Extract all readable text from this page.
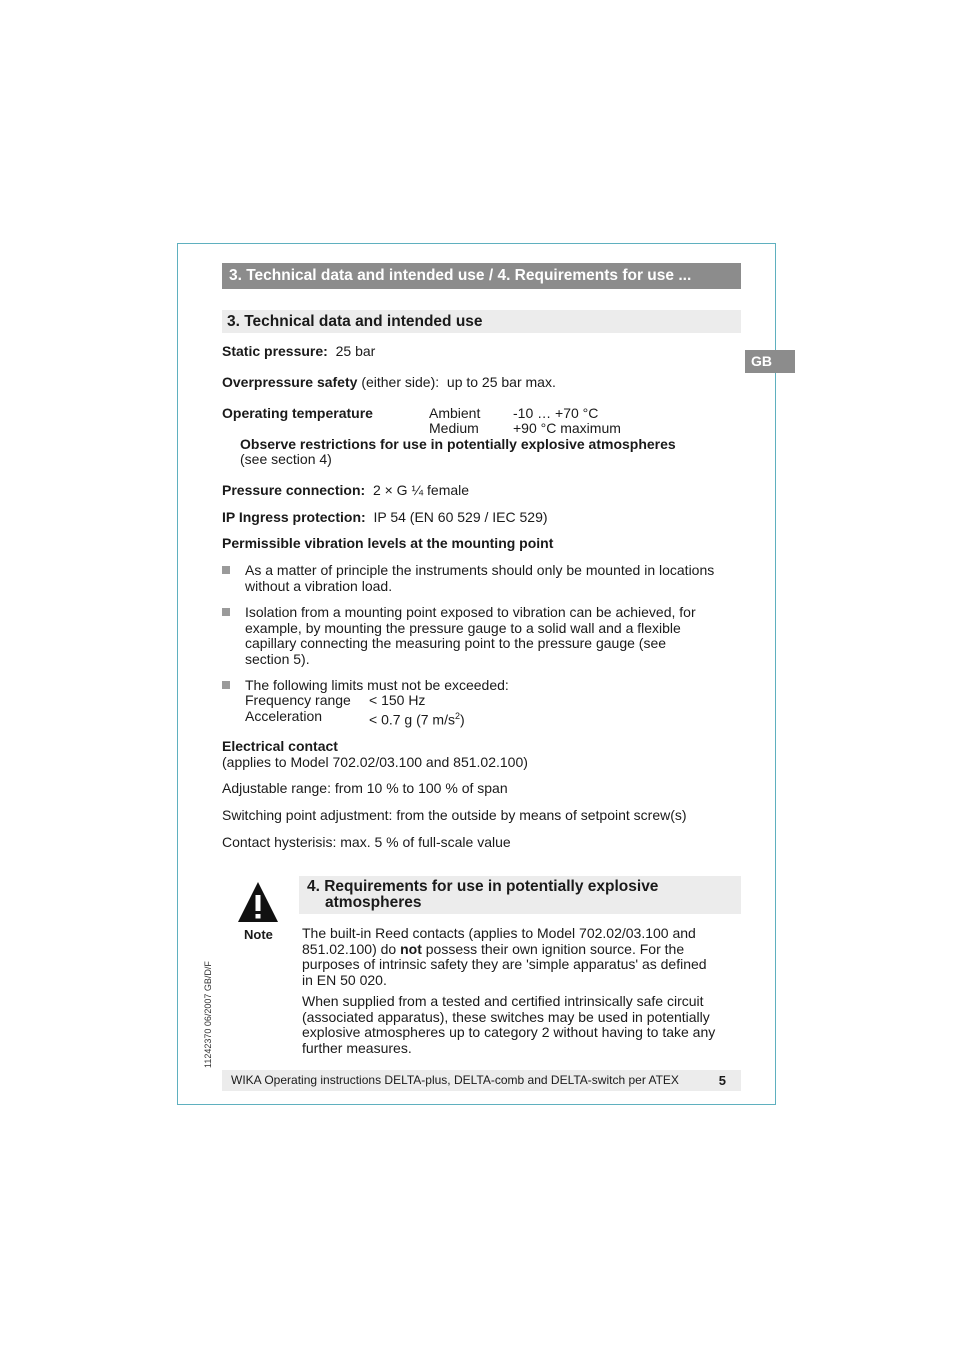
3. Technical data and intended use / 4. Requirements for use ...
GB
3. Technical data and intended use
Static pressure: 25 bar
Overpressure safety (either side): up to 25 bar max.
Operating temperature	Ambient -10 … +70 °C
Medium +90 °C maximum
Observe restrictions for use in potentially explosive atmospheres
(see section 4)
Pressure connection: 2 × G ¼ female
IP Ingress protection: IP 54 (EN 60 529 / IEC 529)
Permissible vibration levels at the mounting point
As a matter of principle the instruments should only be mounted in locations
without a vibration load.
Isolation from a mounting point exposed to vibration can be achieved, for
example, by mounting the pressure gauge to a solid wall and a flexible
capillary connecting the measuring point to the pressure gauge (see
section 5).
The following limits must not be exceeded:
Frequency range < 150 Hz
Acceleration	< 0.7 g (7 $m/s^2$)
Electrical contact
(applies to Model 702.02/03.100 and 851.02.100)
Adjustable range: from 10 % to 100 % of span
Switching point adjustment: from the outside by means of setpoint screw(s)
Contact hysterisis: max. 5 % of full-scale value
Note
4. Requirements for use in potentially explosive
atmospheres
The built-in Reed contacts (applies to Model 702.02/03.100 and
851.02.100) do not possess their own ignition source. For the
purposes of intrinsic safety they are 'simple apparatus' as defined
in EN 50 020.
When supplied from a tested and certified intrinsically safe circuit
(associated apparatus), these switches may be used in potentially
explosive atmospheres up to category 2 without having to take any
further measures.
11242370 06/2007 GB/D/F
WIKA Operating instructions DELTA-plus, DELTA-comb and DELTA-switch per ATEX	5
